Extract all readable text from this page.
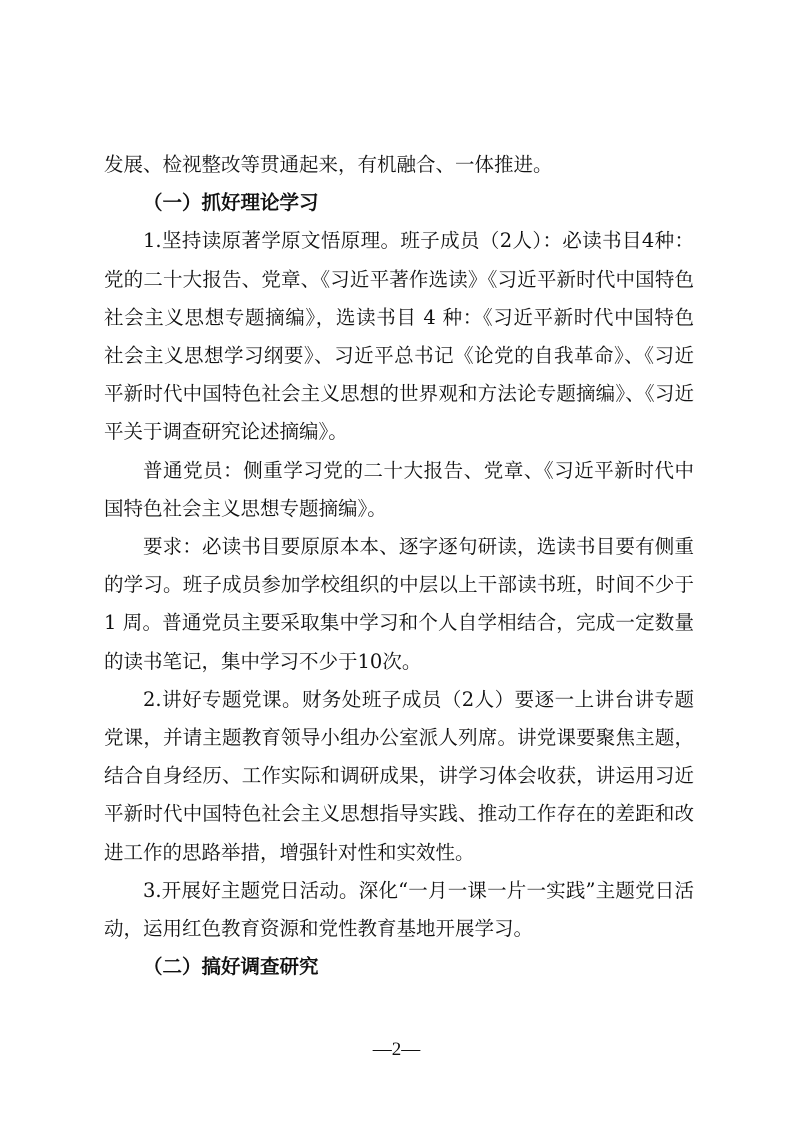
发展、检视整改等贯通起来，有机融合、一体推进。

（一）抓好理论学习

1.坚持读原著学原文悟原理。班子成员（2人）：必读书目4种：党的二十大报告、党章、《习近平著作选读》《习近平新时代中国特色社会主义思想专题摘编》，选读书目 4 种：《习近平新时代中国特色社会主义思想学习纲要》、习近平总书记《论党的自我革命》、《习近平新时代中国特色社会主义思想的世界观和方法论专题摘编》、《习近平关于调查研究论述摘编》。

普通党员：侧重学习党的二十大报告、党章、《习近平新时代中国特色社会主义思想专题摘编》。

要求：必读书目要原原本本、逐字逐句研读，选读书目要有侧重的学习。班子成员参加学校组织的中层以上干部读书班，时间不少于 1 周。普通党员主要采取集中学习和个人自学相结合，完成一定数量的读书笔记，集中学习不少于10次。

2.讲好专题党课。财务处班子成员（2人）要逐一上讲台讲专题党课，并请主题教育领导小组办公室派人列席。讲党课要聚焦主题，结合自身经历、工作实际和调研成果，讲学习体会收获，讲运用习近平新时代中国特色社会主义思想指导实践、推动工作存在的差距和改进工作的思路举措，增强针对性和实效性。

3.开展好主题党日活动。深化“一月一课一片一实践”主题党日活动，运用红色教育资源和党性教育基地开展学习。

（二）搞好调查研究

—2—
